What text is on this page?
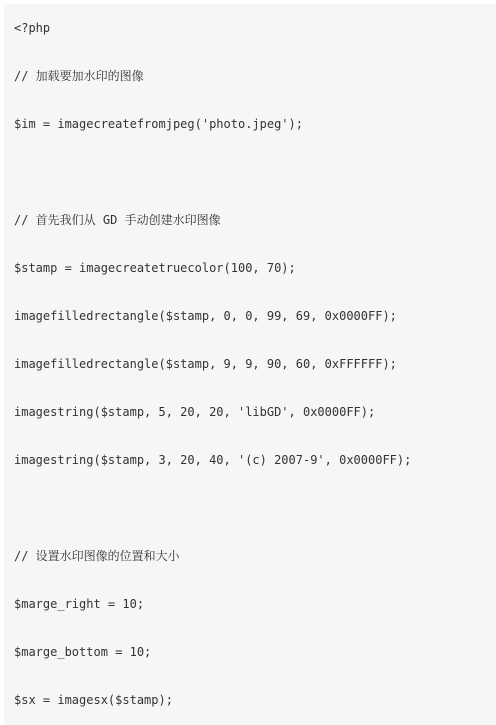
<?php
// 加载要加水印的图像
$im = imagecreatefromjpeg('photo.jpeg');
// 首先我们从 GD 手动创建水印图像
$stamp = imagecreatetruecolor(100, 70);
imagefilledrectangle($stamp, 0, 0, 99, 69, 0x0000FF);
imagefilledrectangle($stamp, 9, 9, 90, 60, 0xFFFFFF);
imagestring($stamp, 5, 20, 20, 'libGD', 0x0000FF);
imagestring($stamp, 3, 20, 40, '(c) 2007-9', 0x0000FF);
// 设置水印图像的位置和大小
$marge_right = 10;
$marge_bottom = 10;
$sx = imagesx($stamp);
